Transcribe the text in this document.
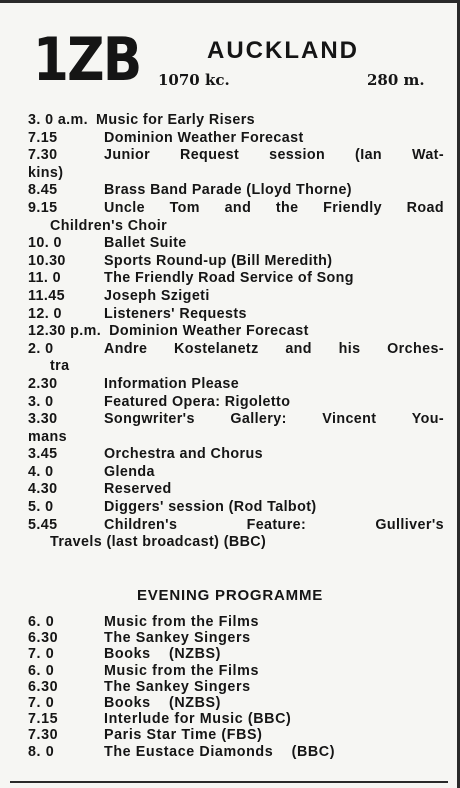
1ZB	AUCKLAND
1070 kc.	280 m.
3. 0 a.m. Music for Early Risers
7.15	Dominion Weather Forecast
7.30	Junior Request session (Ian Wat-
kins)
8.45	Brass Band Parade (Lloyd Thorne)
9.15	Uncle Tom and the Friendly Road
Children's Choir
10. 0	Ballet Suite
10.30	Sports Round-up (Bill Meredith)
11. 0	The Friendly Road Service of Song
11.45	Joseph Szigeti
12. 0	Listeners' Requests
12.30 p.m. Dominion Weather Forecast
2. 0	Andre Kostelanetz and his Orches-
tra
2.30	Information Please
3. 0	Featured Opera: Rigoletto
3.30	Songwriter's Gallery: Vincent You-
mans
3.45	Orchestra and Chorus
4. 0	Glenda
4.30	Reserved
5. 0	Diggers' session (Rod Talbot)
5.45	Children's    Feature:    Gulliver's
Travels (last broadcast) (BBC)
EVENING PROGRAMME
6. 0	Music from the Films
6.30	The Sankey Singers
7. 0	Books    (NZBS)
6. 0	Music from the Films
6.30	The Sankey Singers
7. 0	Books    (NZBS)
7.15	Interlude for Music (BBC)
7.30	Paris Star Time (FBS)
8. 0	The Eustace Diamonds    (BBC)
